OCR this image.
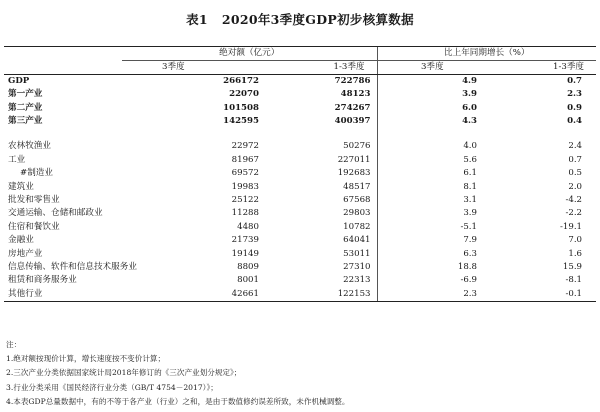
表1 2020年3季度GDP初步核算数据
	绝对额（亿元）		比上年同期增长（%）	
	3季度	1-3季度	3季度	1-3季度
GDP	266172	722786	4.9	0.7
第一产业	22070	48123	3.9	2.3
第二产业	101508	274267	6.0	0.9
第三产业	142595	400397	4.3	0.4

农林牧渔业	22972	50276	4.0	2.4
工业	81967	227011	5.6	0.7
#制造业	69572	192683	6.1	0.5
建筑业	19983	48517	8.1	2.0
批发和零售业	25122	67568	3.1	-4.2
交通运输、仓储和邮政业	11288	29803	3.9	-2.2
住宿和餐饮业	4480	10782	-5.1	-19.1
金融业	21739	64041	7.9	7.0
房地产业	19149	53011	6.3	1.6
信息传输、软件和信息技术服务业	8809	27310	18.8	15.9
租赁和商务服务业	8001	22313	-6.9	-8.1
其他行业	42661	122153	2.3	-0.1
注：
1.绝对额按现价计算，增长速度按不变价计算；
2.三次产业分类依据国家统计局2018年修订的《三次产业划分规定》；
3.行业分类采用《国民经济行业分类（GB/T 4754－2017）》；
4.本表GDP总量数据中，有的不等于各产业（行业）之和，是由于数值修约误差所致，未作机械调整。
